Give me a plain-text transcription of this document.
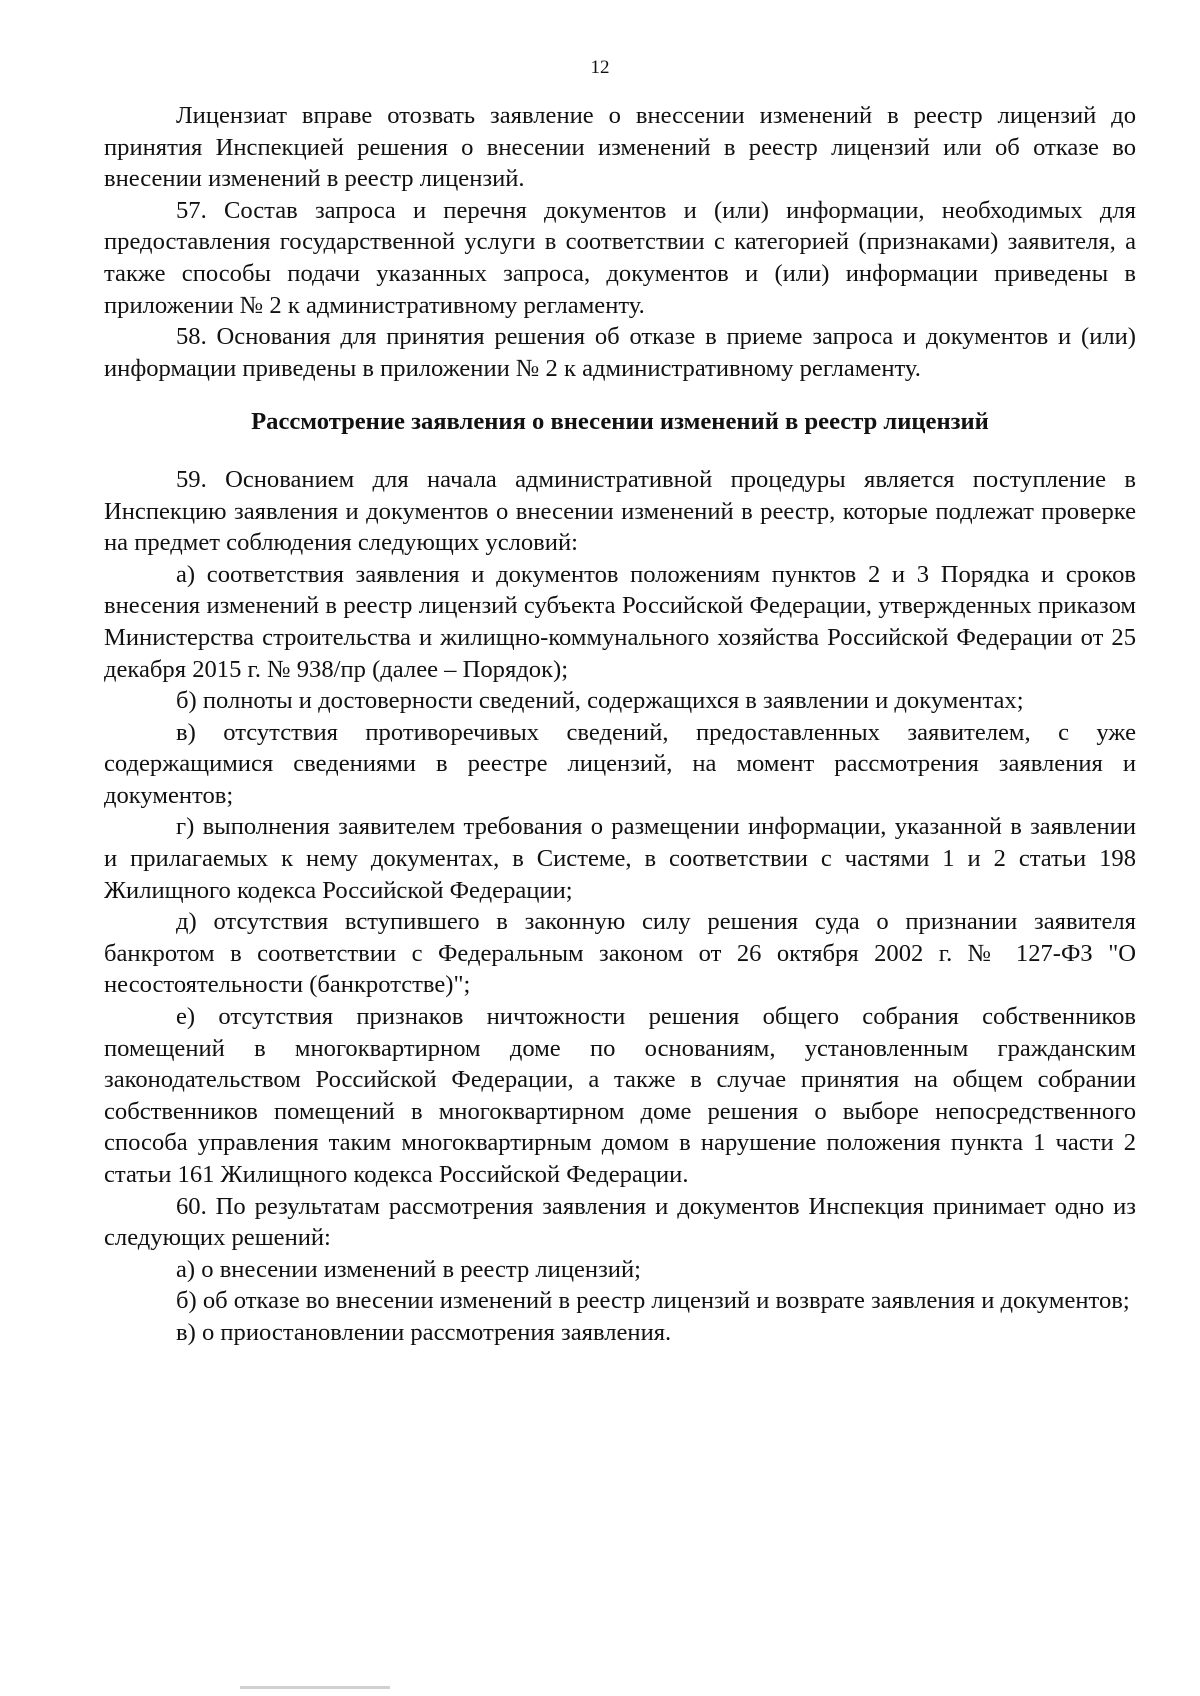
12

Лицензиат вправе отозвать заявление о внессении изменений в реестр лицензий до принятия Инспекцией решения о внесении изменений в реестр лицензий или об отказе во внесении изменений в реестр лицензий.

57. Состав запроса и перечня документов и (или) информации, необходимых для предоставления государственной услуги в соответствии с категорией (признаками) заявителя, а также способы подачи указанных запроса, документов и (или) информации приведены в приложении № 2 к административному регламенту.

58. Основания для принятия решения об отказе в приеме запроса и документов и (или) информации приведены в приложении № 2 к административному регламенту.

Рассмотрение заявления о внесении изменений в реестр лицензий

59. Основанием для начала административной процедуры является поступление в Инспекцию заявления и документов о внесении изменений в реестр, которые подлежат проверке на предмет соблюдения следующих условий:

а) соответствия заявления и документов положениям пунктов 2 и 3 Порядка и сроков внесения изменений в реестр лицензий субъекта Российской Федерации, утвержденных приказом Министерства строительства и жилищно-коммунального хозяйства Российской Федерации от 25 декабря 2015 г. № 938/пр (далее – Порядок);

б) полноты и достоверности сведений, содержащихся в заявлении и документах;

в) отсутствия противоречивых сведений, предоставленных заявителем, с уже содержащимися сведениями в реестре лицензий, на момент рассмотрения заявления и документов;

г) выполнения заявителем требования о размещении информации, указанной в заявлении и прилагаемых к нему документах, в Системе, в соответствии с частями 1 и 2 статьи 198 Жилищного кодекса Российской Федерации;

д) отсутствия вступившего в законную силу решения суда о признании заявителя банкротом в соответствии с Федеральным законом от 26 октября 2002 г. № 127-ФЗ "О несостоятельности (банкротстве)";

е) отсутствия признаков ничтожности решения общего собрания собственников помещений в многоквартирном доме по основаниям, установленным гражданским законодательством Российской Федерации, а также в случае принятия на общем собрании собственников помещений в многоквартирном доме решения о выборе непосредственного способа управления таким многоквартирным домом в нарушение положения пункта 1 части 2 статьи 161 Жилищного кодекса Российской Федерации.

60. По результатам рассмотрения заявления и документов Инспекция принимает одно из следующих решений:

а) о внесении изменений в реестр лицензий;

б) об отказе во внесении изменений в реестр лицензий и возврате заявления и документов;

в) о приостановлении рассмотрения заявления.
